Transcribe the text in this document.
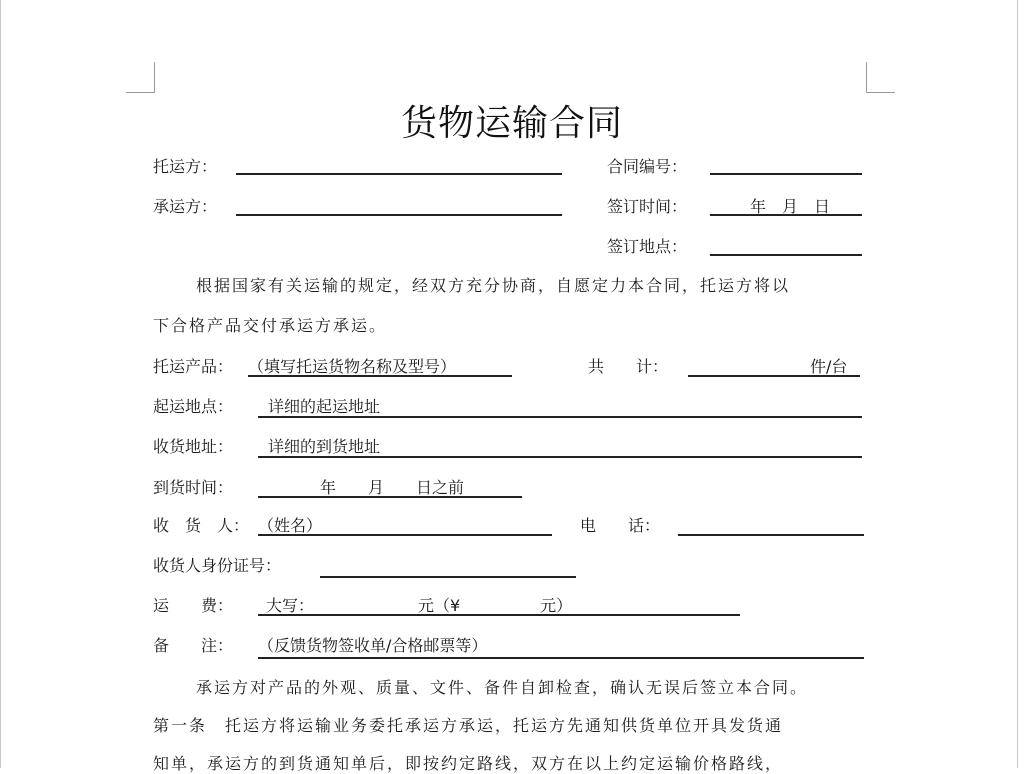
货物运输合同
托运方：	合同编号：
承运方：	签订时间：	年　月　日
签订地点：
根据国家有关运输的规定，经双方充分协商，自愿定力本合同，托运方将以
下合格产品交付承运方承运。
托运产品： （填写托运货物名称及型号）	共　　计：	件/台
起运地点： 详细的起运地址
收货地址： 详细的到货地址
到货时间：	年　　月　　日之前
收　货　人： （姓名）	电　　话：
收货人身份证号：
运　　费： 大写：　　　　　　　元（¥　　　　　元）
备　　注： （反馈货物签收单/合格邮票等）
承运方对产品的外观、质量、文件、备件自卸检查，确认无误后签立本合同。
第一条　托运方将运输业务委托承运方承运，托运方先通知供货单位开具发货通
知单，承运方的到货通知单后，即按约定路线，双方在以上约定运输价格路线，
